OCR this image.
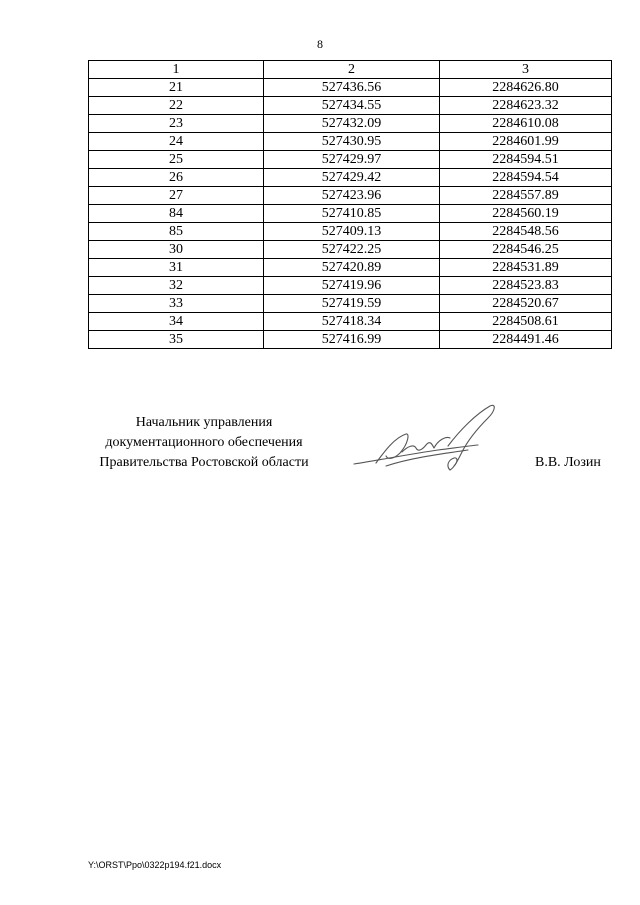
8
1	2	3
21	527436.56	2284626.80
22	527434.55	2284623.32
23	527432.09	2284610.08
24	527430.95	2284601.99
25	527429.97	2284594.51
26	527429.42	2284594.54
27	527423.96	2284557.89
84	527410.85	2284560.19
85	527409.13	2284548.56
30	527422.25	2284546.25
31	527420.89	2284531.89
32	527419.96	2284523.83
33	527419.59	2284520.67
34	527418.34	2284508.61
35	527416.99	2284491.46
Начальник управления
документационного обеспечения
Правительства Ростовской области	В.В. Лозин
Y:\ORST\Ppo\0322p194.f21.docx
